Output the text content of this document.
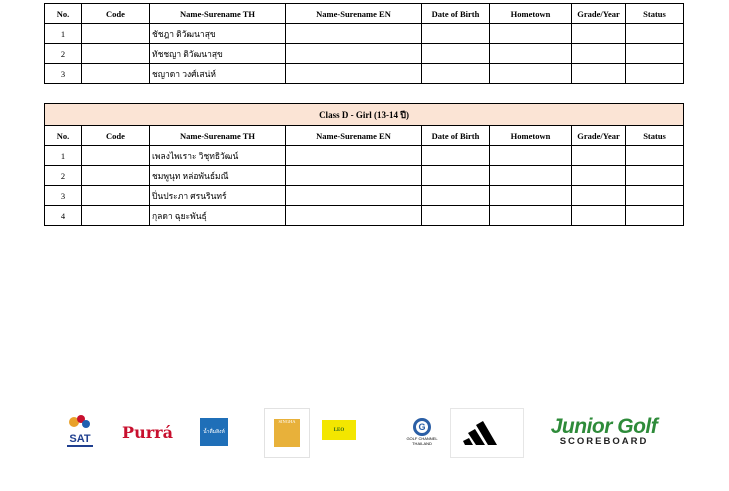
No.	Code	Name-Surename TH	Name-Surename EN	Date of Birth	Hometown	Grade/Year	Status
1		ชัชฎา ติวัฒนาสุข					
2		ทัชชญา ติวัฒนาสุข					
3		ชญาดา วงศ์เสน่ห์					
Class D - Girl (13-14 ปี)							
No.	Code	Name-Surename TH	Name-Surename EN	Date of Birth	Hometown	Grade/Year	Status
1		เพลงไพเราะ วิชุทธิวัฒน์					
2		ชมพูนุท หล่อพันธ์มณี					
3		ปิ่นประภา ศรนรินทร์					
4		กุลดา ฉุยะพันธุ์					
SAT Purrá	น้ำดื่มสิงห์
SINGHA
LEO	G
GOLF CHANNEL
THAILAND
Junior Golf
SCOREBOARD
